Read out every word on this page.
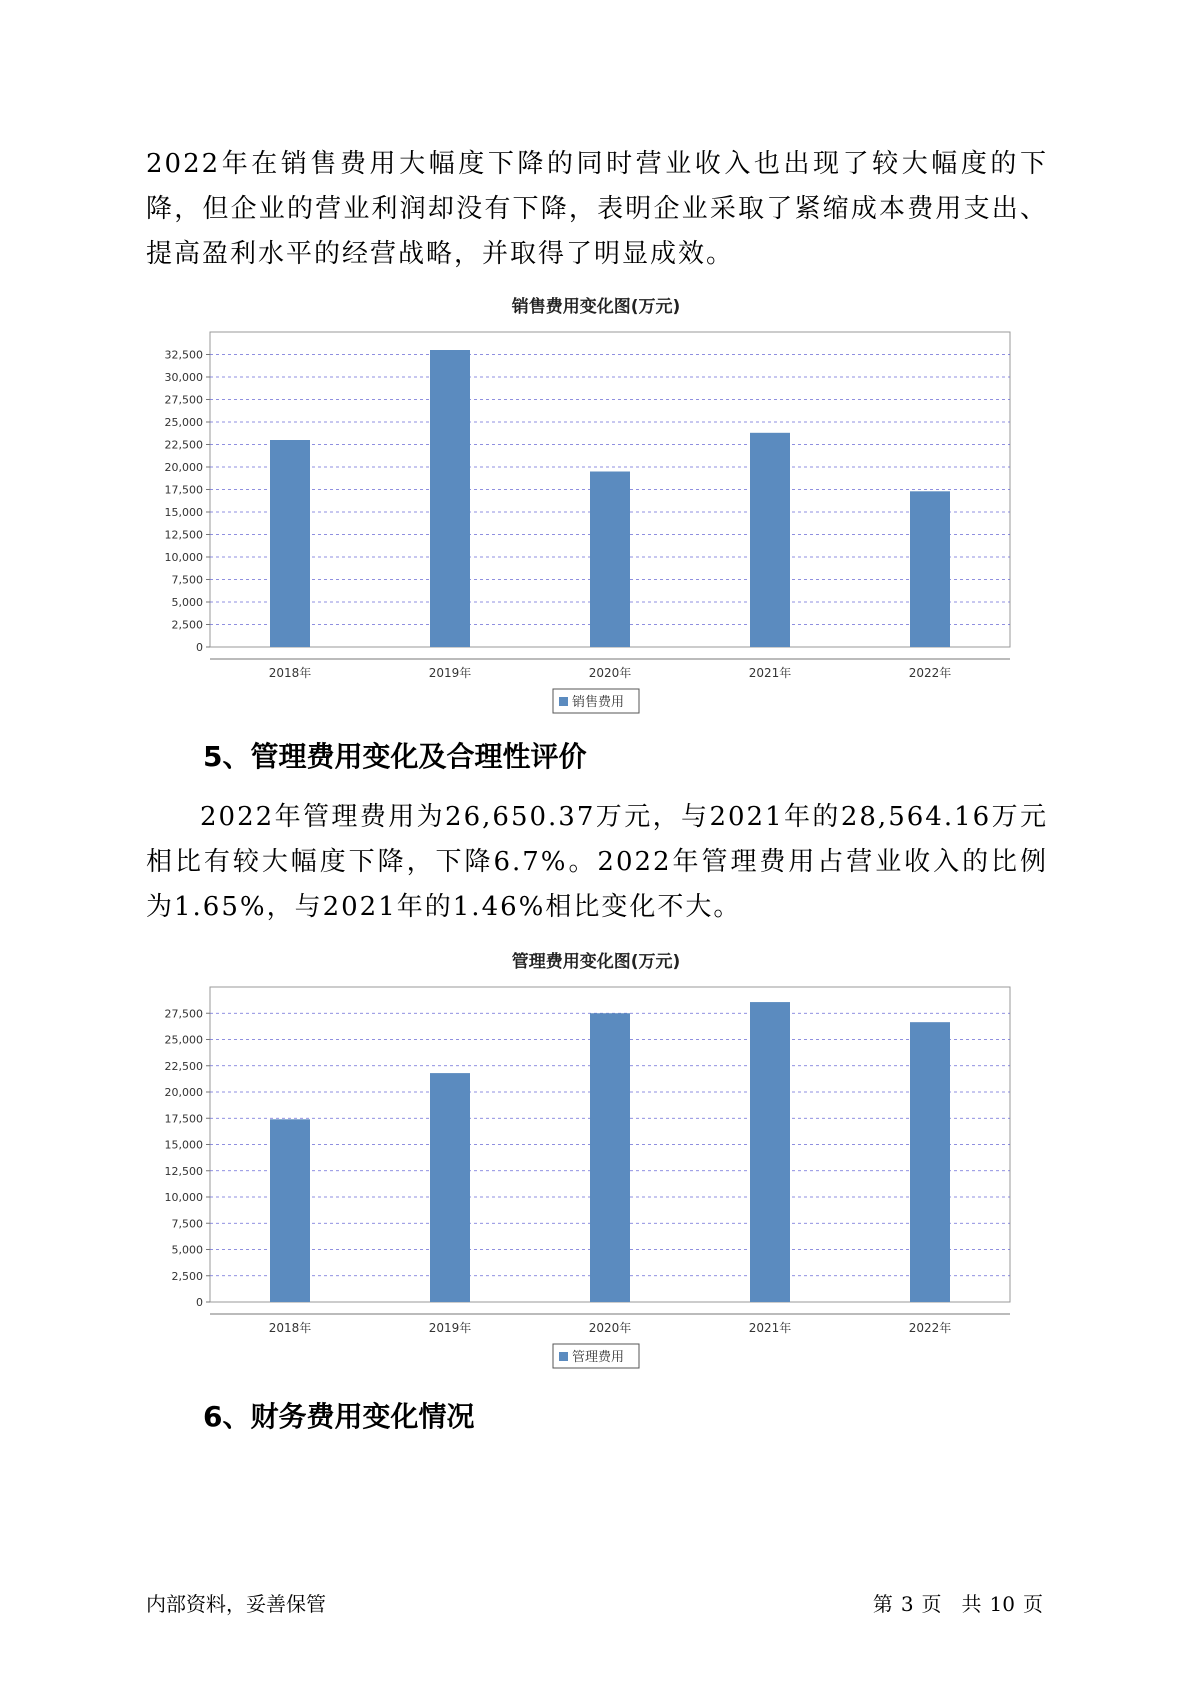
2022年在销售费用大幅度下降的同时营业收入也出现了较大幅度的下降，但企业的营业利润却没有下降，表明企业采取了紧缩成本费用支出、提高盈利水平的经营战略，并取得了明显成效。

销售费用变化图(万元)
0
2,500
5,000
7,500
10,000
12,500
15,000
17,500
20,000
22,500
25,000
27,500
30,000
32,500
2018年	2019年	2020年	2021年	2022年
销售费用
5、管理费用变化及合理性评价

2022年管理费用为26,650.37万元，与2021年的28,564.16万元相比有较大幅度下降，下降6.7%。2022年管理费用占营业收入的比例为1.65%，与2021年的1.46%相比变化不大。

管理费用变化图(万元)
0
2,500
5,000
7,500
10,000
12,500
15,000
17,500
20,000
22,500
25,000
27,500
2018年	2019年	2020年	2021年	2022年
管理费用
6、财务费用变化情况
内部资料，妥善保管	第 3 页　共 10 页
